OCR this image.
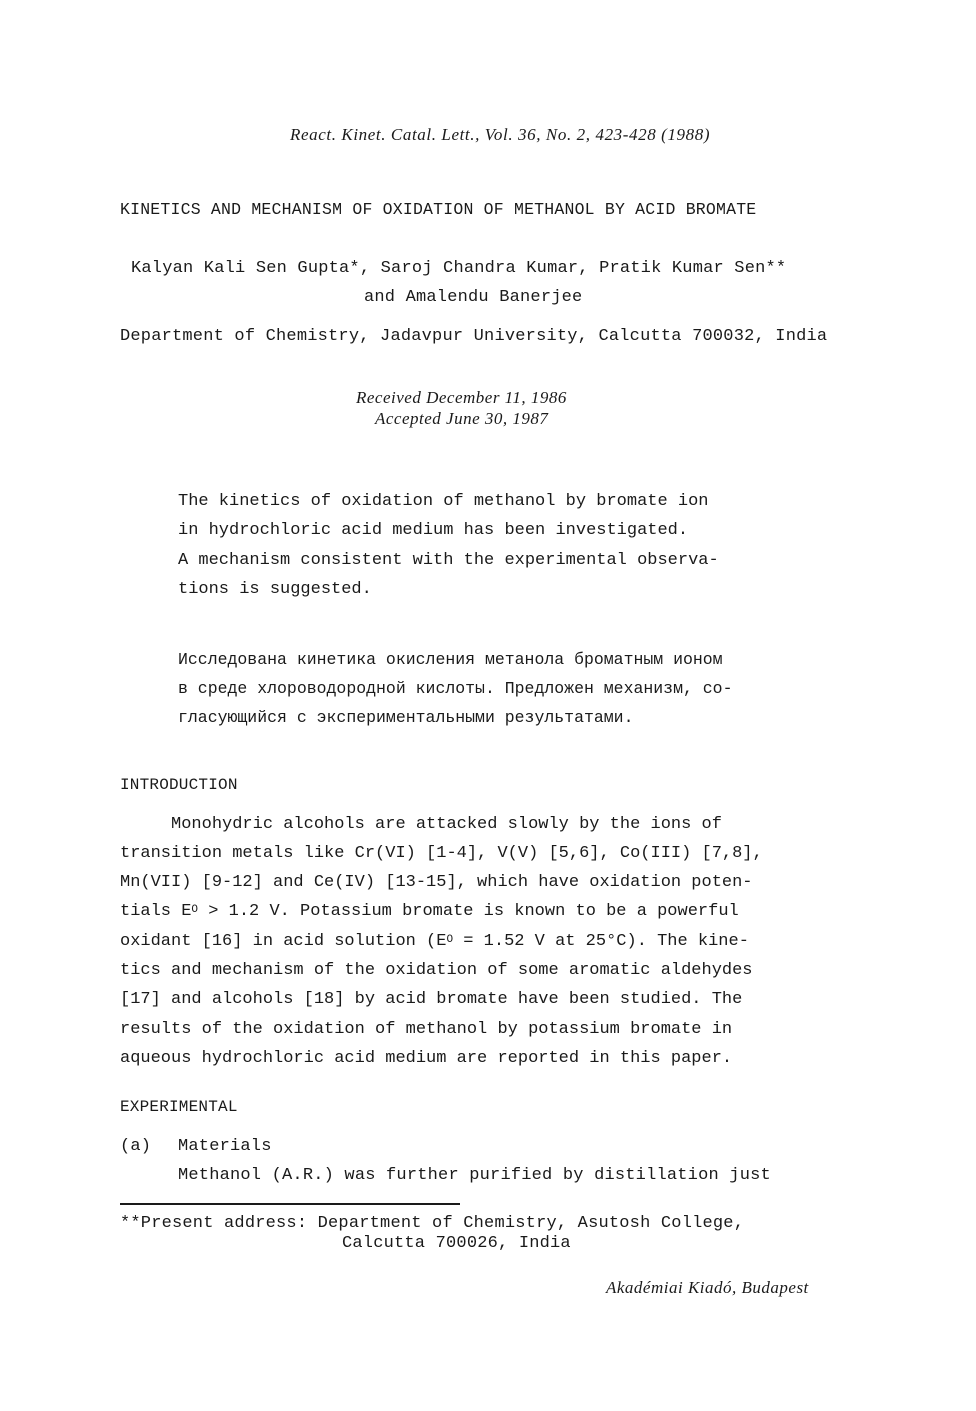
React. Kinet. Catal. Lett., Vol. 36, No. 2, 423-428 (1988)
KINETICS AND MECHANISM OF OXIDATION OF METHANOL BY ACID BROMATE
Kalyan Kali Sen Gupta*, Saroj Chandra Kumar, Pratik Kumar Sen**
and Amalendu Banerjee
Department of Chemistry, Jadavpur University, Calcutta 700032, India
Received December 11, 1986
Accepted June 30, 1987
The kinetics of oxidation of methanol by bromate ion
in hydrochloric acid medium has been investigated.
A mechanism consistent with the experimental observa-
tions is suggested.
Исследована кинетика окисления метанола броматным ионом
в среде хлороводородной кислоты. Предложен механизм, со-
гласующийся с экспериментальными результатами.
INTRODUCTION
Monohydric alcohols are attacked slowly by the ions of
transition metals like Cr(VI) [1-4], V(V) [5,6], Co(III) [7,8],
Mn(VII) [9-12] and Ce(IV) [13-15], which have oxidation poten-
tials $E^O > 1.2$ V. Potassium bromate is known to be a powerful
oxidant [16] in acid solution ($E^O = 1.52$ V at 25°C). The kine-
tics and mechanism of the oxidation of some aromatic aldehydes
[17] and alcohols [18] by acid bromate have been studied. The
results of the oxidation of methanol by potassium bromate in
aqueous hydrochloric acid medium are reported in this paper.
EXPERIMENTAL
(a) Materials
Methanol (A.R.) was further purified by distillation just
**Present address: Department of Chemistry, Asutosh College,
Calcutta 700026, India
Akadémiai Kiadó, Budapest
